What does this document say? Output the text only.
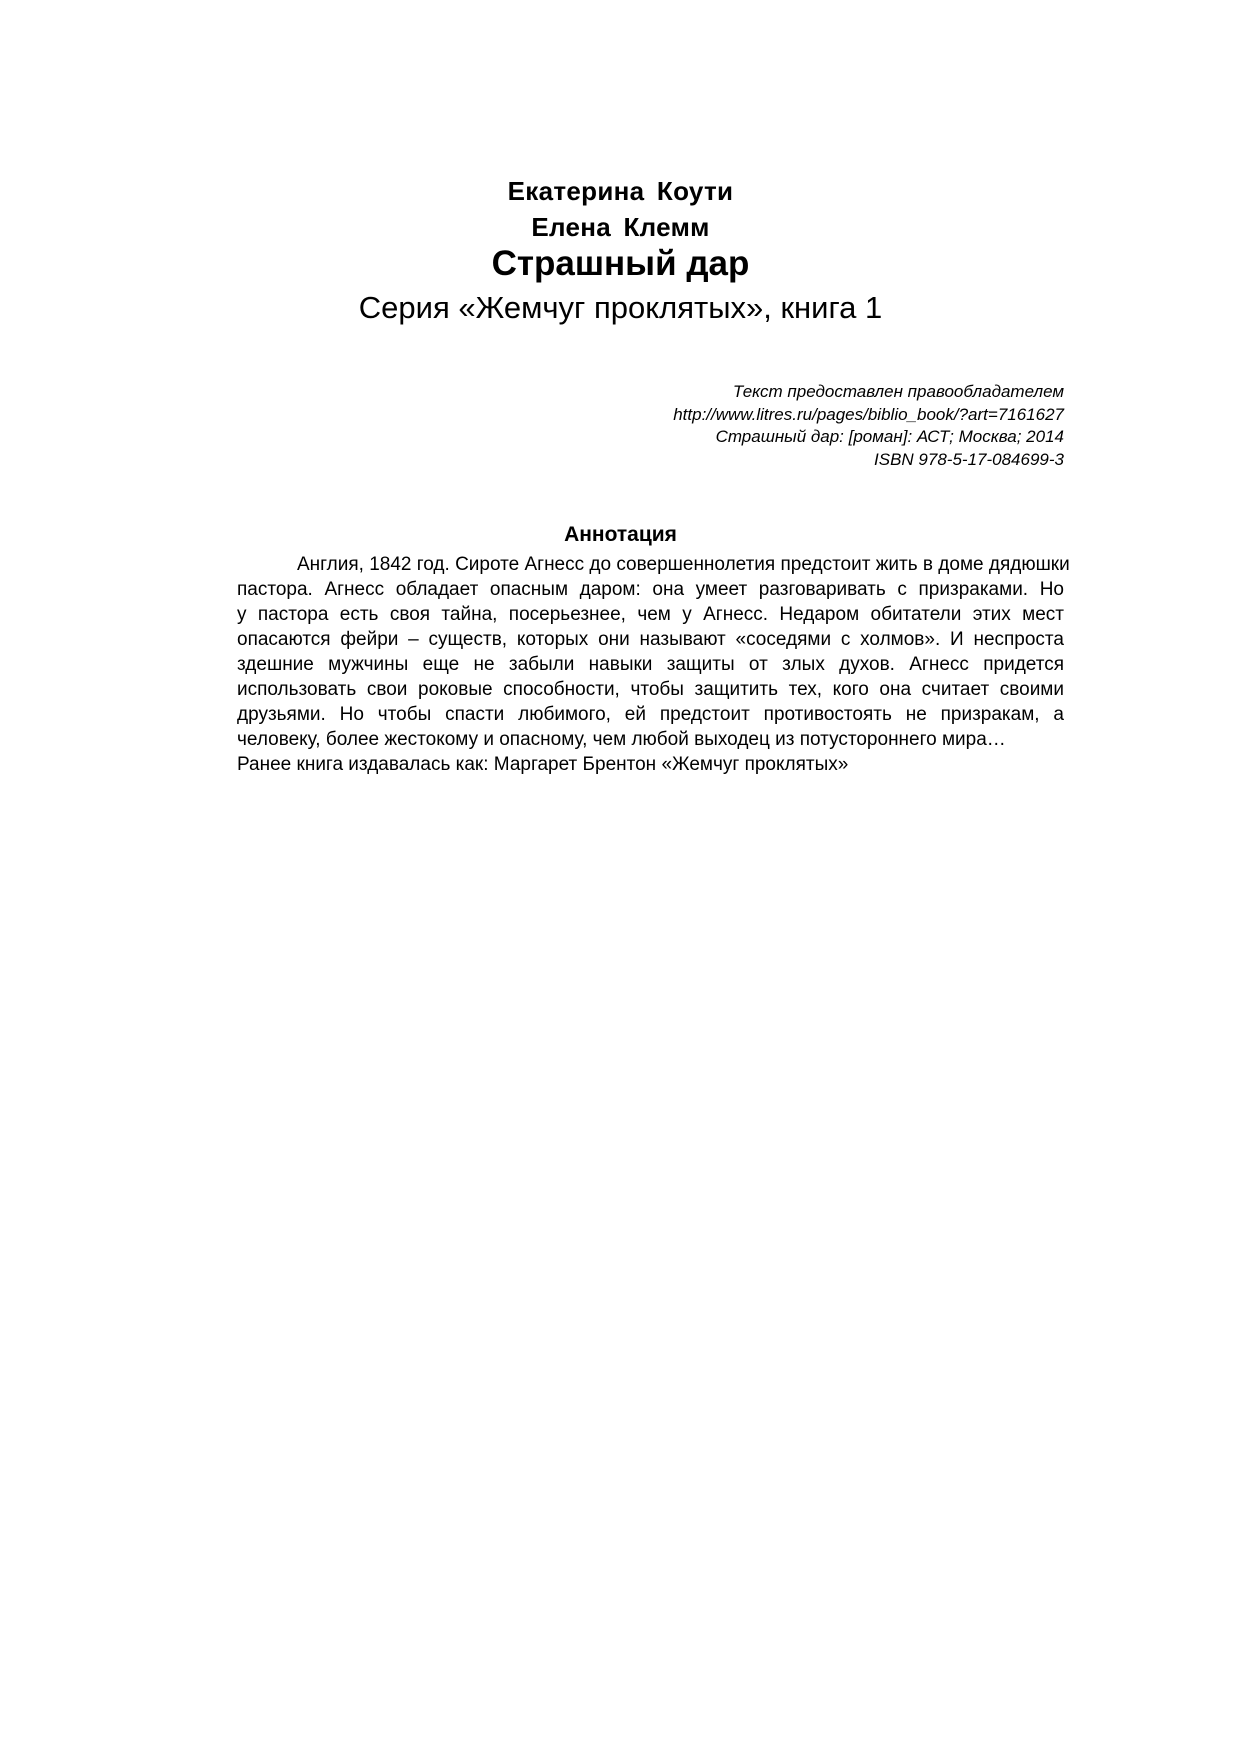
Екатерина Коути
Елена Клемм
Страшный дар
Серия «Жемчуг проклятых», книга 1
Текст предоставлен правообладателем
http://www.litres.ru/pages/biblio_book/?art=7161627
Страшный дар: [роман]: АСТ; Москва; 2014
ISBN 978-5-17-084699-3
Аннотация
Англия, 1842 год. Сироте Агнесс до совершеннолетия предстоит жить в доме дядюшки
пастора. Агнесс обладает опасным даром: она умеет разговаривать с призраками. Но
у пастора есть своя тайна, посерьезнее, чем у Агнесс. Недаром обитатели этих мест
опасаются фейри – существ, которых они называют «соседями с холмов». И неспроста
здешние мужчины еще не забыли навыки защиты от злых духов. Агнесс придется
использовать свои роковые способности, чтобы защитить тех, кого она считает своими
друзьями. Но чтобы спасти любимого, ей предстоит противостоять не призракам, а
человеку, более жестокому и опасному, чем любой выходец из потустороннего мира…
Ранее книга издавалась как: Маргарет Брентон «Жемчуг проклятых»
